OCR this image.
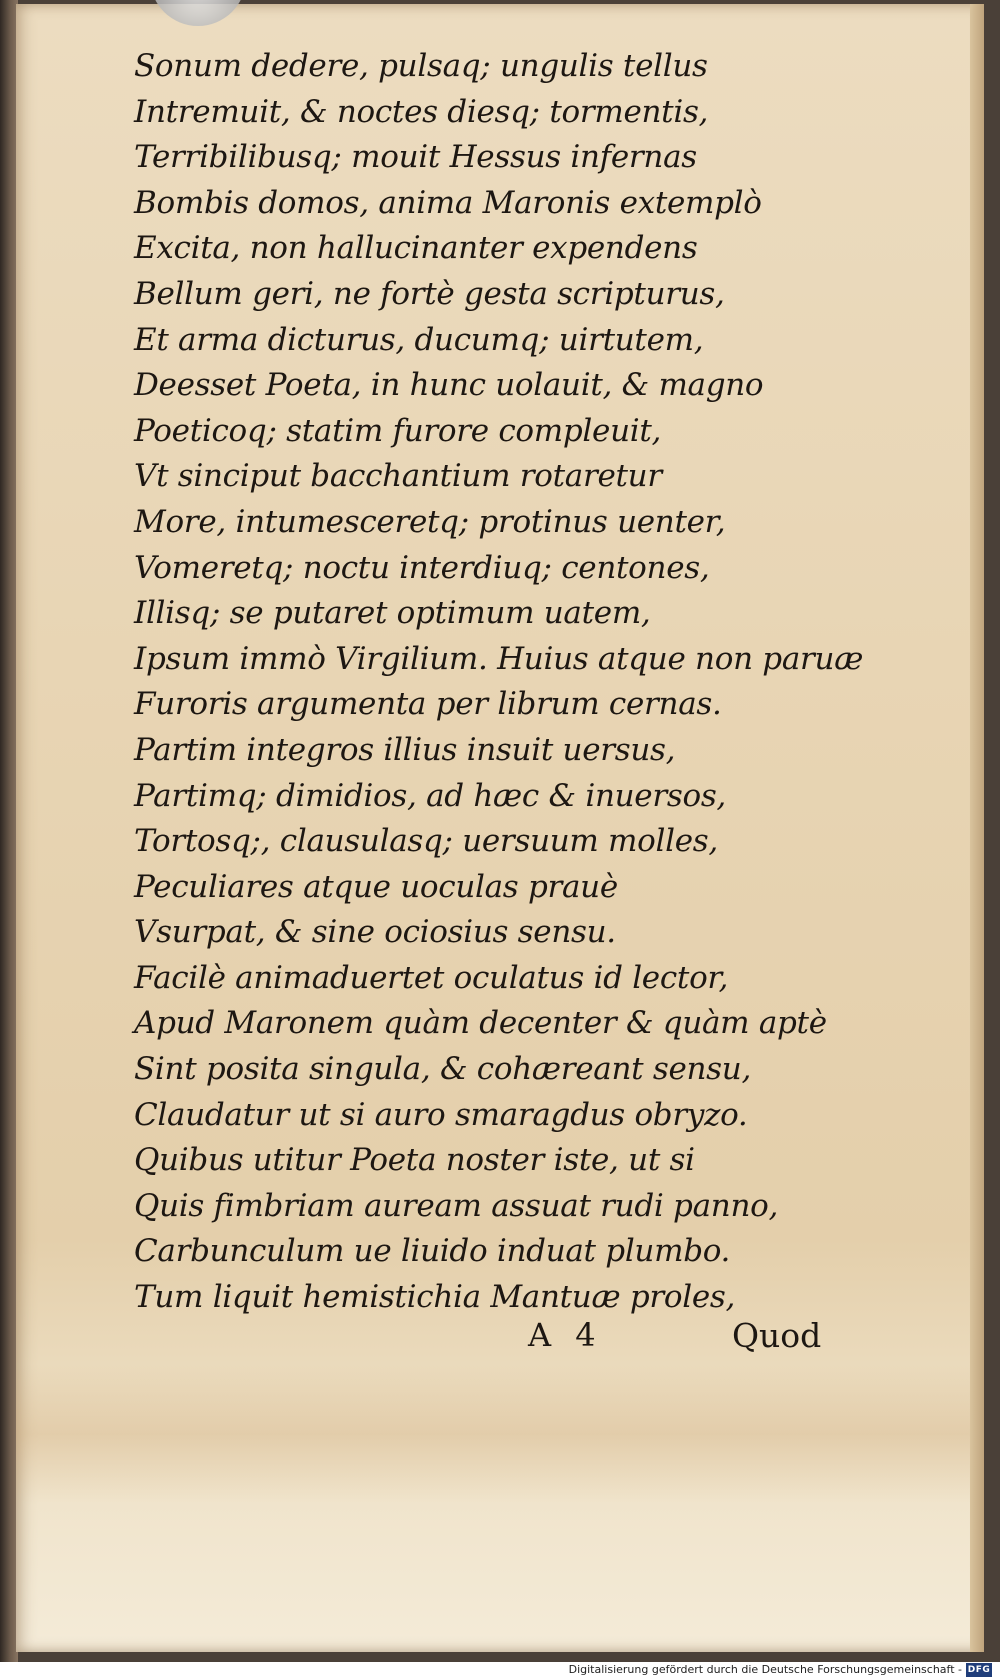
Sonum dedere, pulsaq; ungulis tellus
Intremuit, & noctes diesq; tormentis,
Terribilibusq; mouit Hessus infernas
Bombis domos, anima Maronis extemplò
Excita, non hallucinanter expendens
Bellum geri, ne fortè gesta scripturus,
Et arma dicturus, ducumq; uirtutem,
Deesset Poeta, in hunc uolauit, & magno
Poeticoq; statim furore compleuit,
Vt sinciput bacchantium rotaretur
More, intumesceretq; protinus uenter,
Vomeretq; noctu interdiuq; centones,
Illisq; se putaret optimum uatem,
Ipsum immò Virgilium. Huius atque non paruæ
Furoris argumenta per librum cernas.
Partim integros illius insuit uersus,
Partimq; dimidios, ad hæc & inuersos,
Tortosq;, clausulasq; uersuum molles,
Peculiares atque uoculas prauè
Vsurpat, & sine ociosius sensu.
Facilè animaduertet oculatus id lector,
Apud Maronem quàm decenter & quàm aptè
Sint posita singula, & cohæreant sensu,
Claudatur ut si auro smaragdus obryzo.
Quibus utitur Poeta noster iste, ut si
Quis fimbriam auream assuat rudi panno,
Carbunculum ue liuido induat plumbo.
Tum liquit hemistichia Mantuæ proles,
A 4	Quod
Digitalisierung gefördert durch die Deutsche Forschungsgemeinschaft - DFG
